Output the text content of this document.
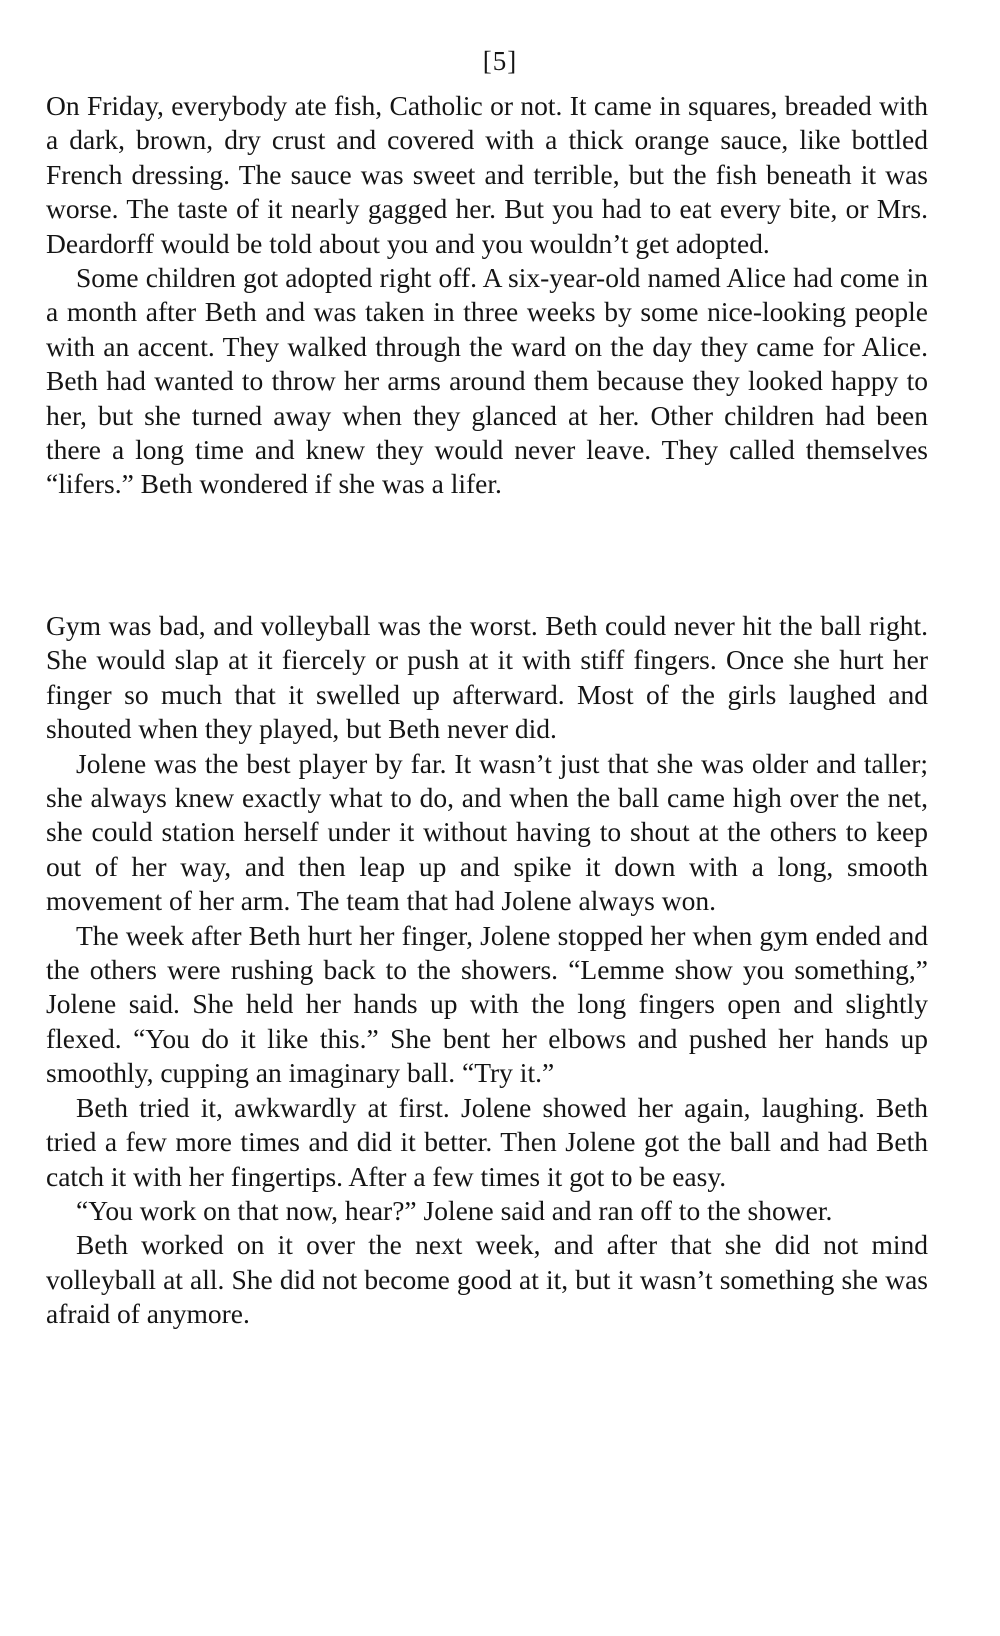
[5]

On Friday, everybody ate fish, Catholic or not. It came in squares, breaded with a dark, brown, dry crust and covered with a thick orange sauce, like bottled French dressing. The sauce was sweet and terrible, but the fish beneath it was worse. The taste of it nearly gagged her. But you had to eat every bite, or Mrs. Deardorff would be told about you and you wouldn’t get adopted.

Some children got adopted right off. A six-year-old named Alice had come in a month after Beth and was taken in three weeks by some nice-looking people with an accent. They walked through the ward on the day they came for Alice. Beth had wanted to throw her arms around them because they looked happy to her, but she turned away when they glanced at her. Other children had been there a long time and knew they would never leave. They called themselves “lifers.” Beth wondered if she was a lifer.

Gym was bad, and volleyball was the worst. Beth could never hit the ball right. She would slap at it fiercely or push at it with stiff fingers. Once she hurt her finger so much that it swelled up afterward. Most of the girls laughed and shouted when they played, but Beth never did.

Jolene was the best player by far. It wasn’t just that she was older and taller; she always knew exactly what to do, and when the ball came high over the net, she could station herself under it without having to shout at the others to keep out of her way, and then leap up and spike it down with a long, smooth movement of her arm. The team that had Jolene always won.

The week after Beth hurt her finger, Jolene stopped her when gym ended and the others were rushing back to the showers. “Lemme show you something,” Jolene said. She held her hands up with the long fingers open and slightly flexed. “You do it like this.” She bent her elbows and pushed her hands up smoothly, cupping an imaginary ball. “Try it.”

Beth tried it, awkwardly at first. Jolene showed her again, laughing. Beth tried a few more times and did it better. Then Jolene got the ball and had Beth catch it with her fingertips. After a few times it got to be easy.

“You work on that now, hear?” Jolene said and ran off to the shower.

Beth worked on it over the next week, and after that she did not mind volleyball at all. She did not become good at it, but it wasn’t something she was afraid of anymore.
